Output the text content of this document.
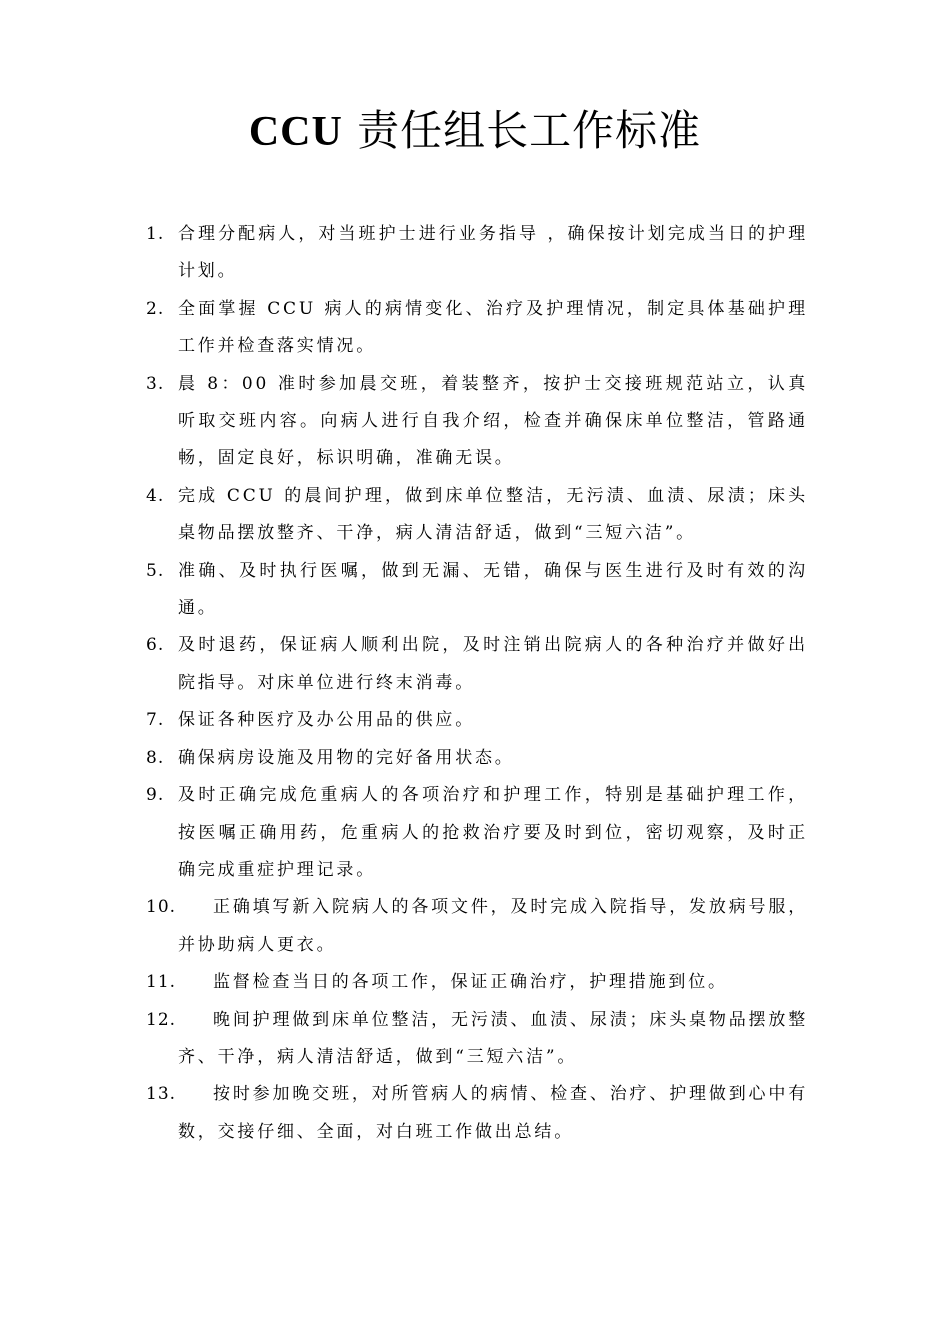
CCU 责任组长工作标准
1. 合理分配病人，对当班护士进行业务指导 ，确保按计划完成当日的护理计划。
2. 全面掌握 CCU 病人的病情变化、治疗及护理情况，制定具体基础护理工作并检查落实情况。
3. 晨 8：00 准时参加晨交班，着装整齐，按护士交接班规范站立，认真听取交班内容。向病人进行自我介绍，检查并确保床单位整洁，管路通畅，固定良好，标识明确，准确无误。
4. 完成 CCU 的晨间护理，做到床单位整洁，无污渍、血渍、尿渍；床头桌物品摆放整齐、干净，病人清洁舒适，做到“三短六洁”。
5. 准确、及时执行医嘱，做到无漏、无错，确保与医生进行及时有效的沟通。
6. 及时退药，保证病人顺利出院，及时注销出院病人的各种治疗并做好出院指导。对床单位进行终末消毒。
7. 保证各种医疗及办公用品的供应。
8. 确保病房设施及用物的完好备用状态。
9. 及时正确完成危重病人的各项治疗和护理工作，特别是基础护理工作，按医嘱正确用药，危重病人的抢救治疗要及时到位，密切观察，及时正确完成重症护理记录。
10.	正确填写新入院病人的各项文件，及时完成入院指导，发放病号服，并协助病人更衣。
11.	监督检查当日的各项工作，保证正确治疗，护理措施到位。
12.	晚间护理做到床单位整洁，无污渍、血渍、尿渍；床头桌物品摆放整齐、干净，病人清洁舒适，做到“三短六洁”。
13.	按时参加晚交班，对所管病人的病情、检查、治疗、护理做到心中有数，交接仔细、全面，对白班工作做出总结。
